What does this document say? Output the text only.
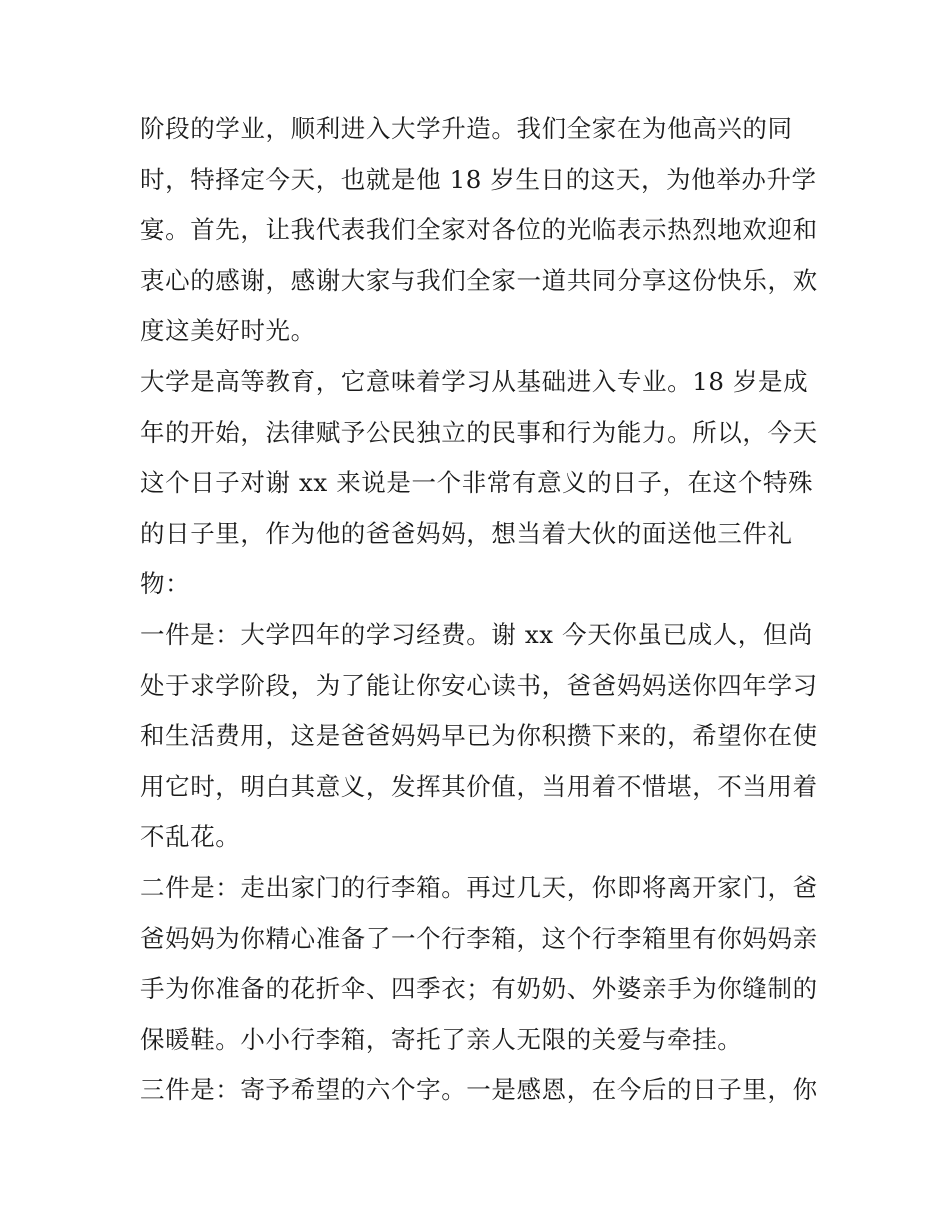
阶段的学业，顺利进入大学升造。我们全家在为他高兴的同
时，特择定今天，也就是他 18 岁生日的这天，为他举办升学
宴。首先，让我代表我们全家对各位的光临表示热烈地欢迎和
衷心的感谢，感谢大家与我们全家一道共同分享这份快乐，欢
度这美好时光。

大学是高等教育，它意味着学习从基础进入专业。18 岁是成
年的开始，法律赋予公民独立的民事和行为能力。所以，今天
这个日子对谢 xx 来说是一个非常有意义的日子，在这个特殊
的日子里，作为他的爸爸妈妈，想当着大伙的面送他三件礼
物：

一件是：大学四年的学习经费。谢 xx 今天你虽已成人，但尚
处于求学阶段，为了能让你安心读书，爸爸妈妈送你四年学习
和生活费用，这是爸爸妈妈早已为你积攒下来的，希望你在使
用它时，明白其意义，发挥其价值，当用着不惜堪，不当用着
不乱花。

二件是：走出家门的行李箱。再过几天，你即将离开家门，爸
爸妈妈为你精心准备了一个行李箱，这个行李箱里有你妈妈亲
手为你准备的花折伞、四季衣；有奶奶、外婆亲手为你缝制的
保暖鞋。小小行李箱，寄托了亲人无限的关爱与牵挂。

三件是：寄予希望的六个字。一是感恩，在今后的日子里，你
